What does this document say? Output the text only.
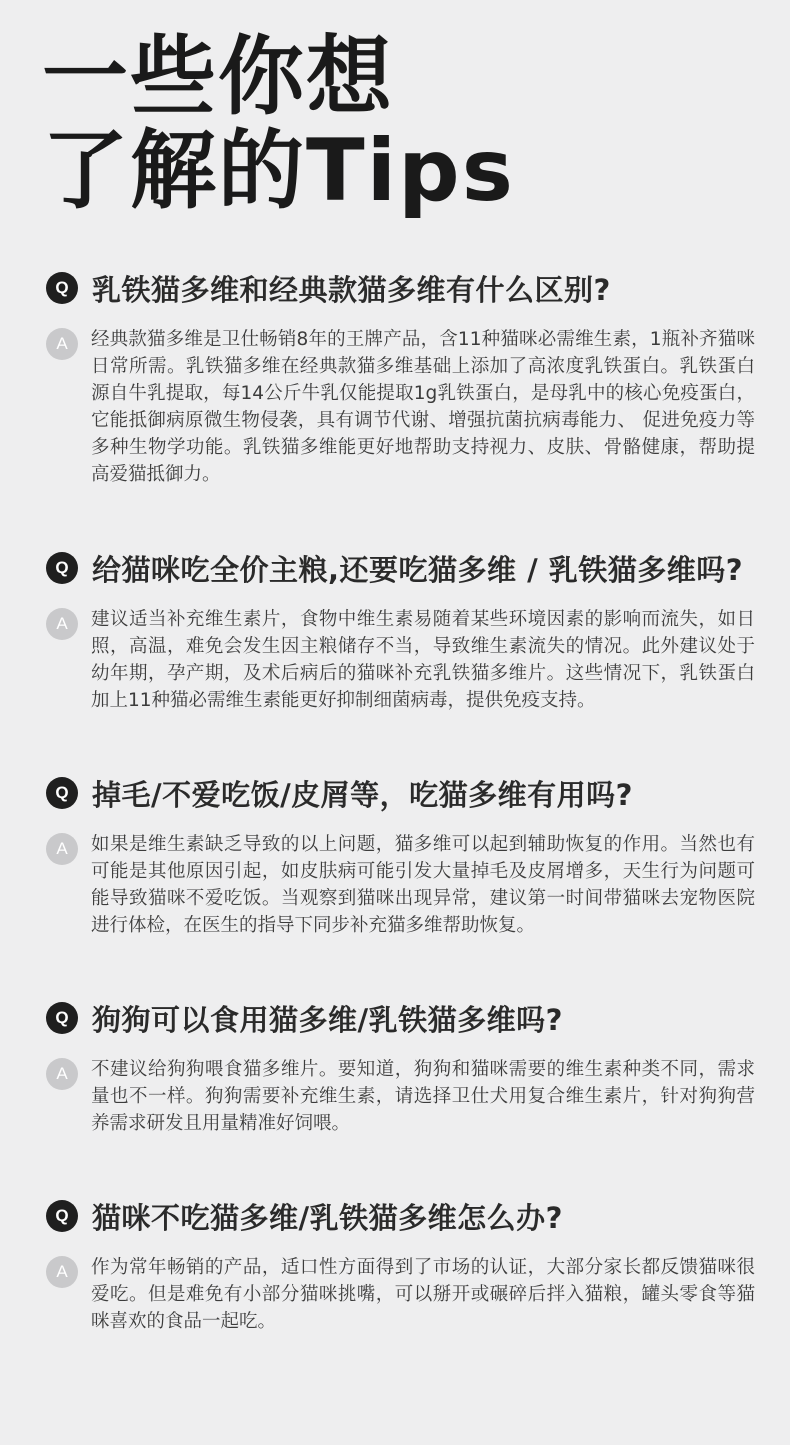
一些你想
了解的Tips
Q 乳铁猫多维和经典款猫多维有什么区别?
A	经典款猫多维是卫仕畅销8年的王牌产品，含11种猫咪必需维生素，1瓶补齐猫咪日常所需。乳铁猫多维在经典款猫多维基础上添加了高浓度乳铁蛋白。乳铁蛋白源自牛乳提取，每14公斤牛乳仅能提取1g乳铁蛋白，是母乳中的核心免疫蛋白，它能抵御病原微生物侵袭，具有调节代谢、增强抗菌抗病毒能力、 促进免疫力等多种生物学功能。乳铁猫多维能更好地帮助支持视力、皮肤、骨骼健康，帮助提高爱猫抵御力。

Q 给猫咪吃全价主粮,还要吃猫多维 / 乳铁猫多维吗?
A	建议适当补充维生素片，食物中维生素易随着某些环境因素的影响而流失，如日照，高温，难免会发生因主粮储存不当，导致维生素流失的情况。此外建议处于幼年期，孕产期，及术后病后的猫咪补充乳铁猫多维片。这些情况下，乳铁蛋白加上11种猫必需维生素能更好抑制细菌病毒，提供免疫支持。

Q 掉毛/不爱吃饭/皮屑等，吃猫多维有用吗?
A	如果是维生素缺乏导致的以上问题，猫多维可以起到辅助恢复的作用。当然也有可能是其他原因引起，如皮肤病可能引发大量掉毛及皮屑增多，天生行为问题可能导致猫咪不爱吃饭。当观察到猫咪出现异常，建议第一时间带猫咪去宠物医院进行体检，在医生的指导下同步补充猫多维帮助恢复。

Q 狗狗可以食用猫多维/乳铁猫多维吗?
A	不建议给狗狗喂食猫多维片。要知道，狗狗和猫咪需要的维生素种类不同，需求量也不一样。狗狗需要补充维生素，请选择卫仕犬用复合维生素片，针对狗狗营养需求研发且用量精准好饲喂。

Q 猫咪不吃猫多维/乳铁猫多维怎么办?
A	作为常年畅销的产品，适口性方面得到了市场的认证，大部分家长都反馈猫咪很爱吃。但是难免有小部分猫咪挑嘴，可以掰开或碾碎后拌入猫粮，罐头零食等猫咪喜欢的食品一起吃。
